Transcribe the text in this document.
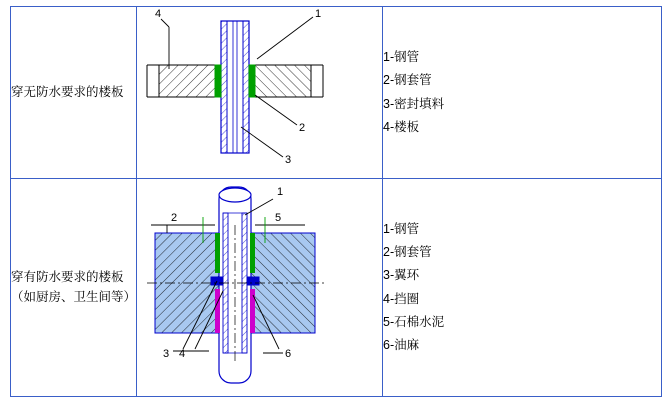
穿无防水要求的楼板	
4	1
2
3

1-钢管
2-钢套管
3-密封填料
4-楼板

穿有防水要求的楼板（如厨房、卫生间等）	
1
2	5
3 4	6

1-钢管
2-钢套管
3-翼环
4-挡圈
5-石棉水泥
6-油麻
